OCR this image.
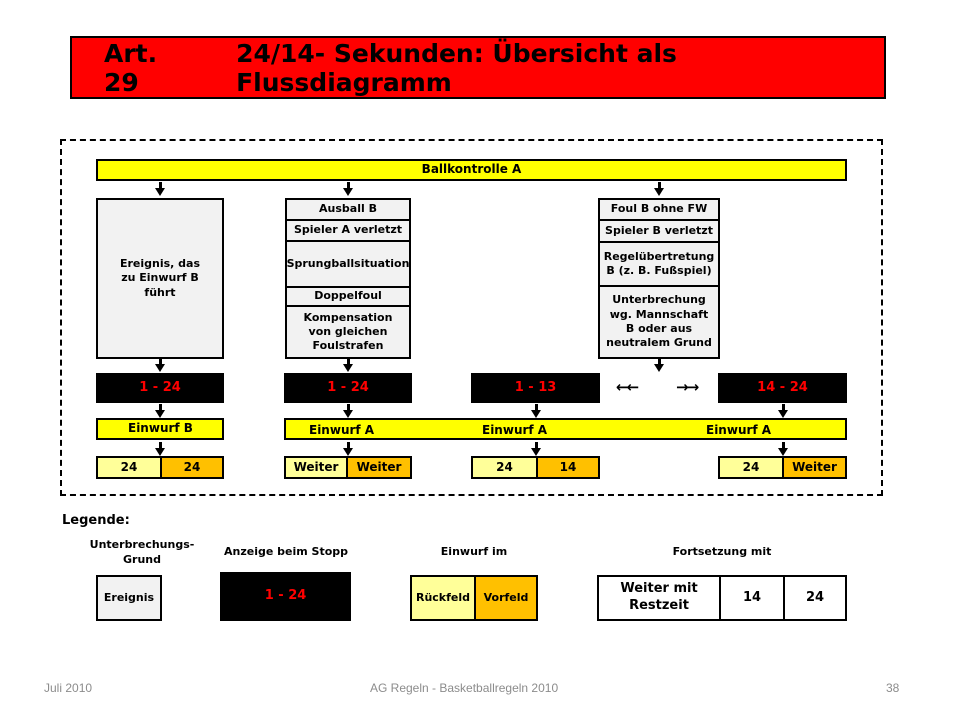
Art. 29
24/14- Sekunden: Übersicht als Flussdiagramm
Ballkontrolle A
Ereignis, das zu Einwurf B führt
Ausball B
Spieler A verletzt
Sprungballsituation
Doppelfoul
Kompensation von gleichen Foulstrafen
Foul B ohne FW
Spieler B verletzt
Regelübertretung B (z. B. Fußspiel)
Unterbrechung wg. Mannschaft B oder aus neutralem Grund
1 - 24	1 - 24	1 - 13	←←	→→	14 - 24
Einwurf B	Einwurf A	Einwurf A	Einwurf A
24	24	Weiter	Weiter	24	14	24	Weiter
Legende:
Unterbrechungs-
Grund
Anzeige beim Stopp	Einwurf im	Fortsetzung mit
Ereignis	1 - 24	Rückfeld	Vorfeld
Weiter mit
Restzeit
14	24
Juli 2010	AG Regeln - Basketballregeln 2010	38
